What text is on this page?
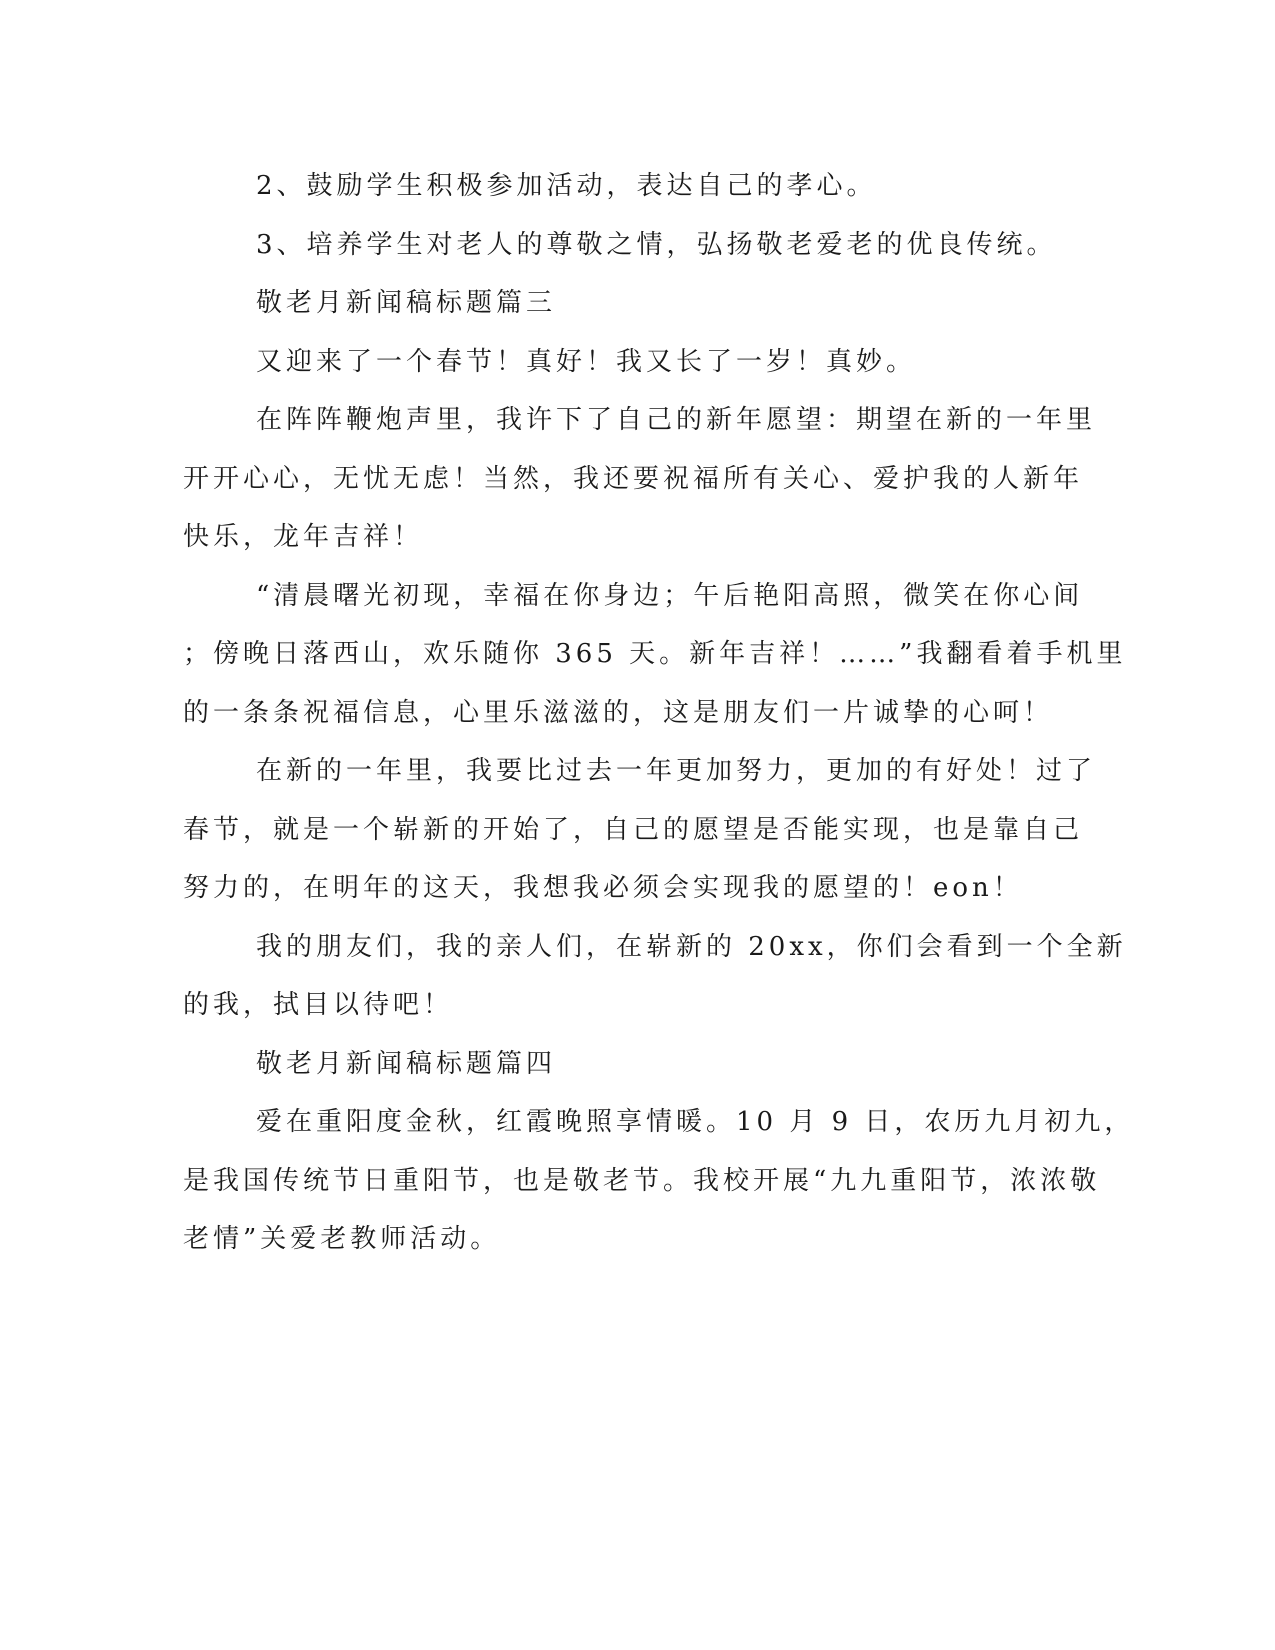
2、鼓励学生积极参加活动，表达自己的孝心。
3、培养学生对老人的尊敬之情，弘扬敬老爱老的优良传统。
敬老月新闻稿标题篇三
又迎来了一个春节！真好！我又长了一岁！真妙。
在阵阵鞭炮声里，我许下了自己的新年愿望：期望在新的一年里
开开心心，无忧无虑！当然，我还要祝福所有关心、爱护我的人新年
快乐，龙年吉祥！
“清晨曙光初现，幸福在你身边；午后艳阳高照，微笑在你心间
；傍晚日落西山，欢乐随你 365 天。新年吉祥！……”我翻看着手机里
的一条条祝福信息，心里乐滋滋的，这是朋友们一片诚挚的心呵！
在新的一年里，我要比过去一年更加努力，更加的有好处！过了
春节，就是一个崭新的开始了，自己的愿望是否能实现，也是靠自己
努力的，在明年的这天，我想我必须会实现我的愿望的！eon！
我的朋友们，我的亲人们，在崭新的 20xx，你们会看到一个全新
的我，拭目以待吧！
敬老月新闻稿标题篇四
爱在重阳度金秋，红霞晚照享情暖。10 月 9 日，农历九月初九，
是我国传统节日重阳节，也是敬老节。我校开展“九九重阳节，浓浓敬
老情”关爱老教师活动。
